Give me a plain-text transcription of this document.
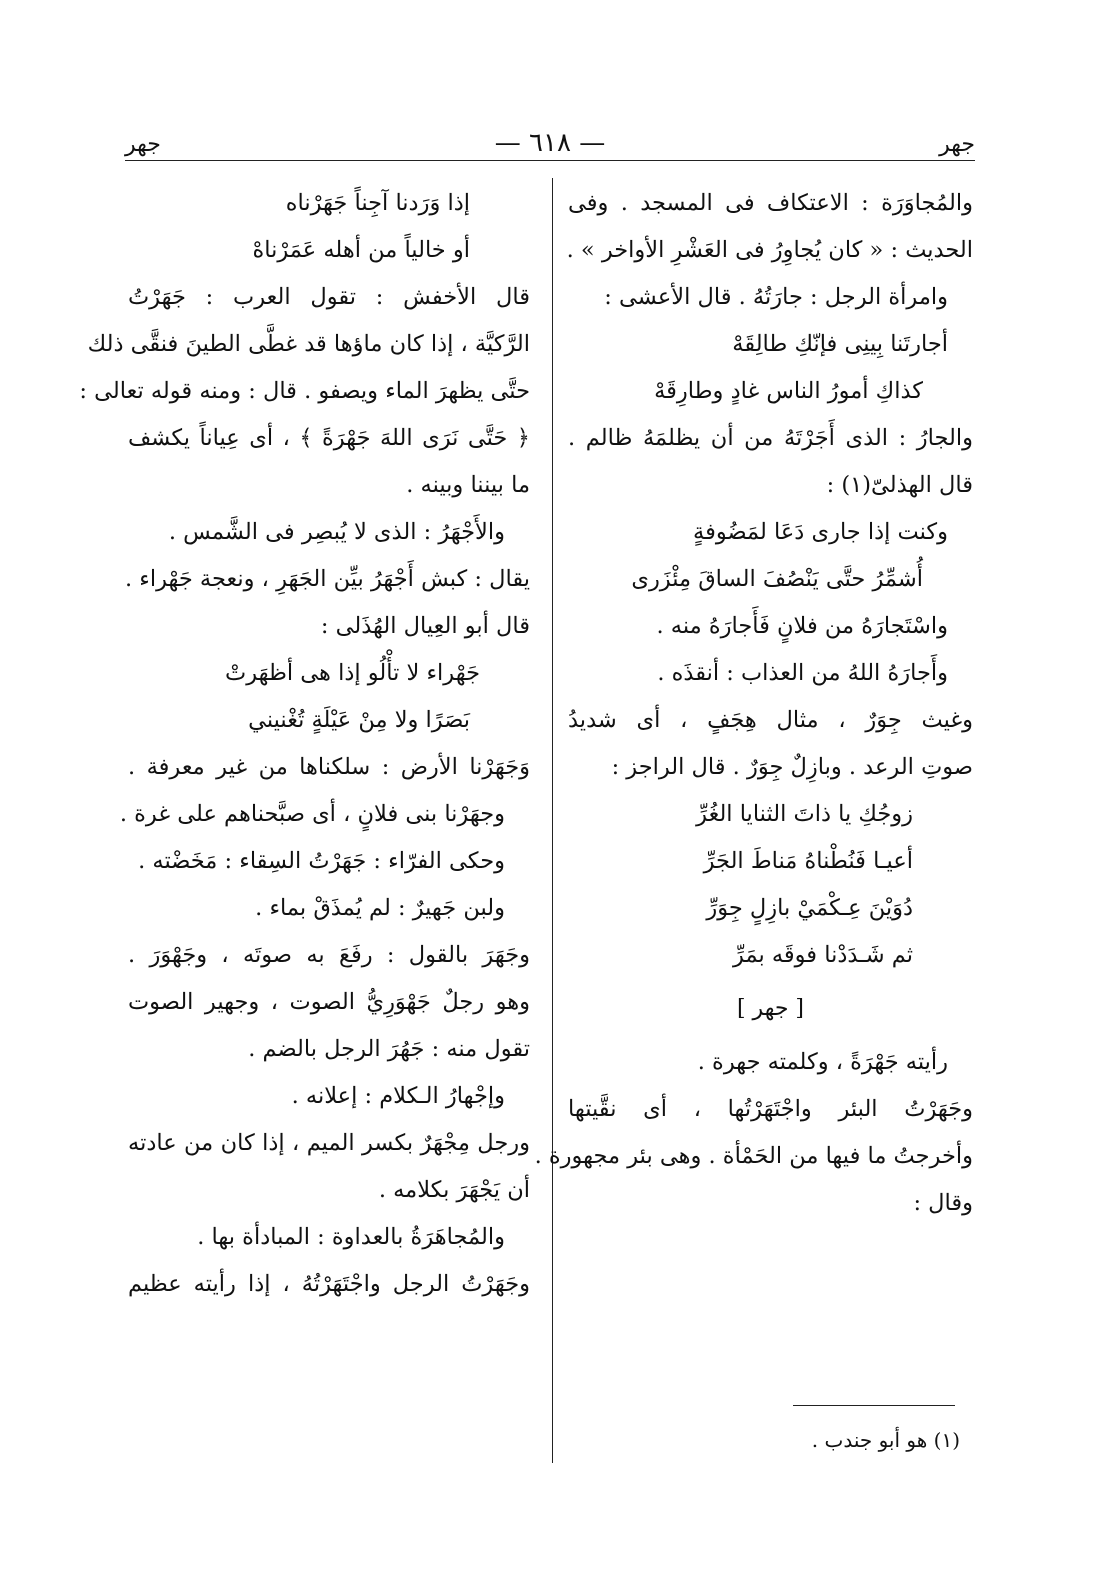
جهر
— ٦١٨ —
جهر
والمُجاوَرَة : الاعتكاف فى المسجد . وفى
الحديث : « كان يُجاوِرُ فى العَشْرِ الأواخر » .
وامرأة الرجل : جارَتُهُ . قال الأعشى :
أجارتَنا بِينِى فإنّكِ طالِقَهْ
كذاكِ أمورُ الناس غادٍ وطارِقَهْ
والجارُ : الذى أَجَرْتَهُ من أن يظلمَهُ ظالم .
قال الهذلىّ(١) :
وكنت إذا جارى دَعَا لمَضُوفةٍ
أُشمِّرُ حتَّى يَنْصُفَ الساقَ مِئْزَرى
واسْتَجارَهُ من فلانٍ فَأَجارَهُ منه .
وأَجارَهُ اللهُ من العذاب : أنقذَه .
وغيث جِوَرٌ ، مثال هِجَفٍ ، أى شديدُ
صوتِ الرعد . وبازِلٌ جِوَرٌ . قال الراجز :
زوجُكِ يا ذاتَ الثنايا الغُرِّ
أعيـا فَنُطْناهُ مَناطَ الجَرِّ
دُوَيْنَ عِـكْمَيْ بازِلٍ جِوَرِّ
ثم شَـدَدْنا فوقَه بمَرِّ
[ جهر ]
رأيته جَهْرَةً ، وكلمته جهرة .
وجَهَرْتُ البئر واجْتَهَرْتُها ، أى نقَّيتها
وأخرجتُ ما فيها من الحَمْأة . وهى بئر مجهورة .
وقال :
إذا وَرَدنا آجِناً جَهَرْناه
أو خالياً من أهله عَمَرْناهْ
قال الأخفش : تقول العرب : جَهَرْتُ
الرَّكيَّة ، إذا كان ماؤها قد غطَّى الطينَ فنقَّى ذلك
حتَّى يظهرَ الماء ويصفو . قال : ومنه قوله تعالى :
﴿ حَتَّى نَرَى اللهَ جَهْرَةً ﴾ ، أى عِياناً يكشف
ما بيننا وبينه .
والأَجْهَرُ : الذى لا يُبصِر فى الشَّمس .
يقال : كبش أَجْهَرُ بيِّن الجَهَرِ ، ونعجة جَهْراء .
قال أبو العِيال الهُذَلى :
جَهْراء لا تأْلُو إذا هى أظهَرتْ
بَصَرًا ولا مِنْ عَيْلَةٍ تُغْنيني
وَجَهَرْنا الأرض : سلكناها من غير معرفة .
وجهَرْنا بنى فلانٍ ، أى صبَّحناهم على غرة .
وحكى الفرّاء : جَهَرْتُ السِقاء : مَخَضْته .
ولبن جَهيرٌ : لم يُمذَقْ بماء .
وجَهَرَ بالقول : رفَعَ به صوتَه ، وجَهْوَرَ .
وهو رجلٌ جَهْوَرِيُّ الصوت ، وجهير الصوت
تقول منه : جَهُرَ الرجل بالضم .
وإجْهارُ الـكلام : إعلانه .
ورجل مِجْهَرٌ بكسر الميم ، إذا كان من عادته
أن يَجْهَرَ بكلامه .
والمُجاهَرَةُ بالعداوة : المبادأة بها .
وجَهَرْتُ الرجل واجْتَهَرْتُهُ ، إذا رأيته عظيم
(١) هو أبو جندب .
